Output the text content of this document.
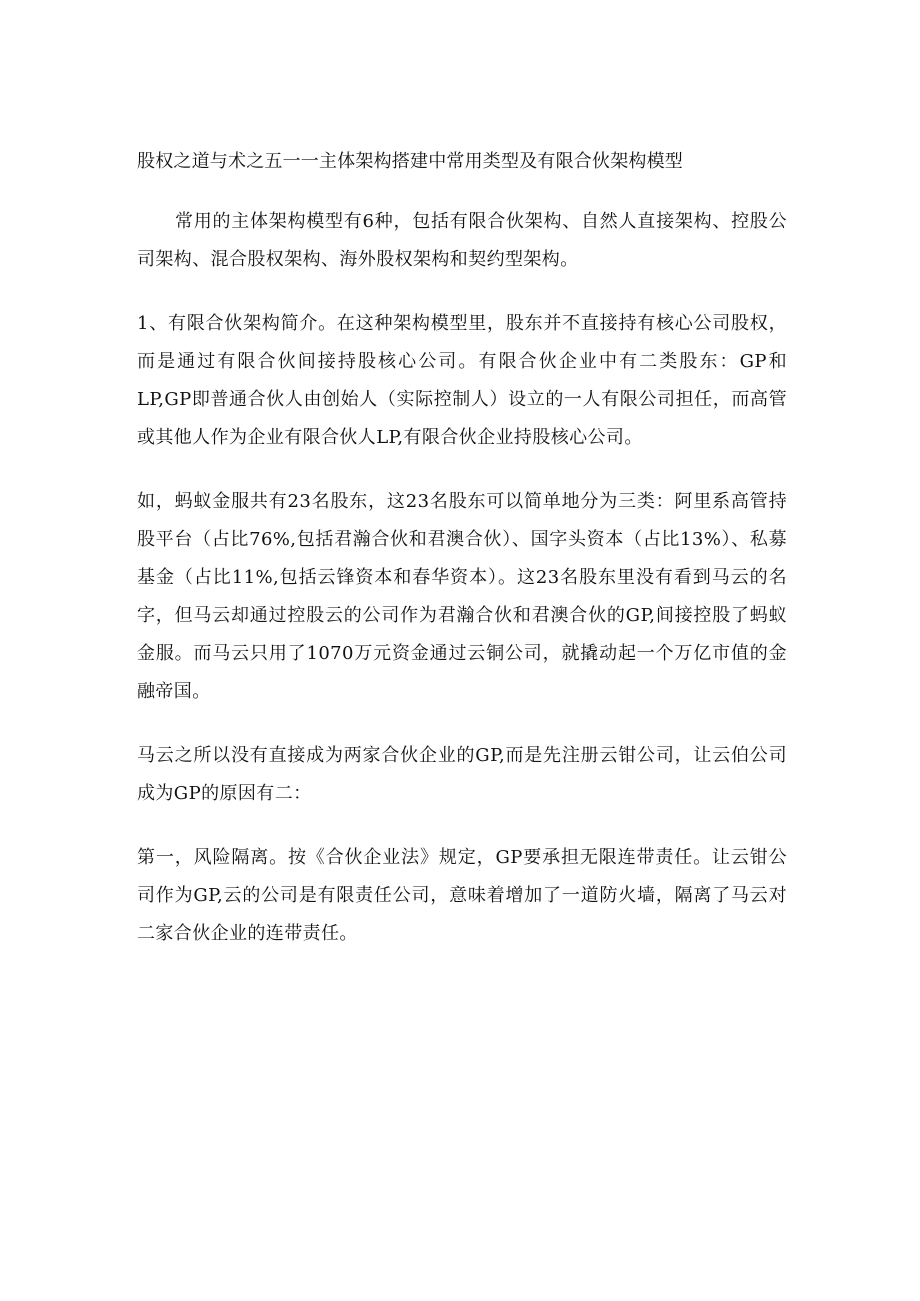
股权之道与术之五一一主体架构搭建中常用类型及有限合伙架构模型

常用的主体架构模型有6种，包括有限合伙架构、自然人直接架构、控股公司架构、混合股权架构、海外股权架构和契约型架构。

1、有限合伙架构简介。在这种架构模型里，股东并不直接持有核心公司股权，而是通过有限合伙间接持股核心公司。有限合伙企业中有二类股东：GP和LP,GP即普通合伙人由创始人（实际控制人）设立的一人有限公司担任，而高管或其他人作为企业有限合伙人LP,有限合伙企业持股核心公司。

如，蚂蚁金服共有23名股东，这23名股东可以简单地分为三类：阿里系高管持股平台（占比76%,包括君瀚合伙和君澳合伙）、国字头资本（占比13%）、私募基金（占比11%,包括云锋资本和春华资本）。这23名股东里没有看到马云的名字，但马云却通过控股云的公司作为君瀚合伙和君澳合伙的GP,间接控股了蚂蚁金服。而马云只用了1070万元资金通过云铜公司，就撬动起一个万亿市值的金融帝国。

马云之所以没有直接成为两家合伙企业的GP,而是先注册云钳公司，让云伯公司成为GP的原因有二：

第一，风险隔离。按《合伙企业法》规定，GP要承担无限连带责任。让云钳公司作为GP,云的公司是有限责任公司，意味着增加了一道防火墙，隔离了马云对二家合伙企业的连带责任。
